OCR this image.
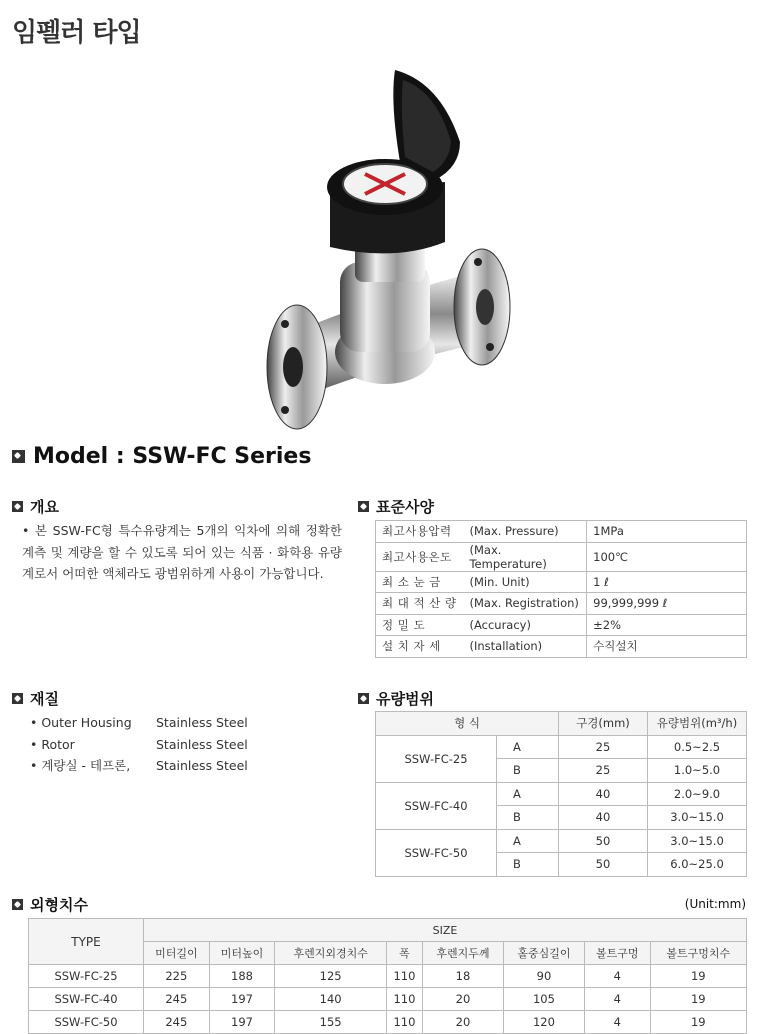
임펠러 타입
Model : SSW-FC Series
개요
• 본 SSW-FC형 특수유량계는 5개의 익차에 의해 정확한 계측 및 계량을 할 수 있도록 되어 있는 식품 · 화학용 유량계로서 어떠한 액체라도 광범위하게 사용이 가능합니다.
표준사양
최고사용압력	(Max. Pressure)	1MPa
최고사용온도	(Max. Temperature)	100℃
최 소 눈 금	(Min. Unit)	1 ℓ
최 대 적 산 량	(Max. Registration)	99,999,999 ℓ
정 밀 도	(Accuracy)	±2%
설 치 자 세	(Installation)	수직설치
재질
• Outer Housing	Stainless Steel
• Rotor	Stainless Steel
• 계량실 - 테프론,	Stainless Steel
유량범위
형 식		구경(mm)	유량범위(m³/h)
SSW-FC-25	A	25	0.5~2.5
	B	25	1.0~5.0
SSW-FC-40	A	40	2.0~9.0
	B	40	3.0~15.0
SSW-FC-50	A	50	3.0~15.0
	B	50	6.0~25.0
외형치수	(Unit:mm)
TYPE	SIZE							
	미터길이	미터높이	후렌지외경치수	폭	후렌지두께	홀중심길이	볼트구멍	볼트구멍치수
SSW-FC-25	225	188	125	110	18	90	4	19
SSW-FC-40	245	197	140	110	20	105	4	19
SSW-FC-50	245	197	155	110	20	120	4	19
